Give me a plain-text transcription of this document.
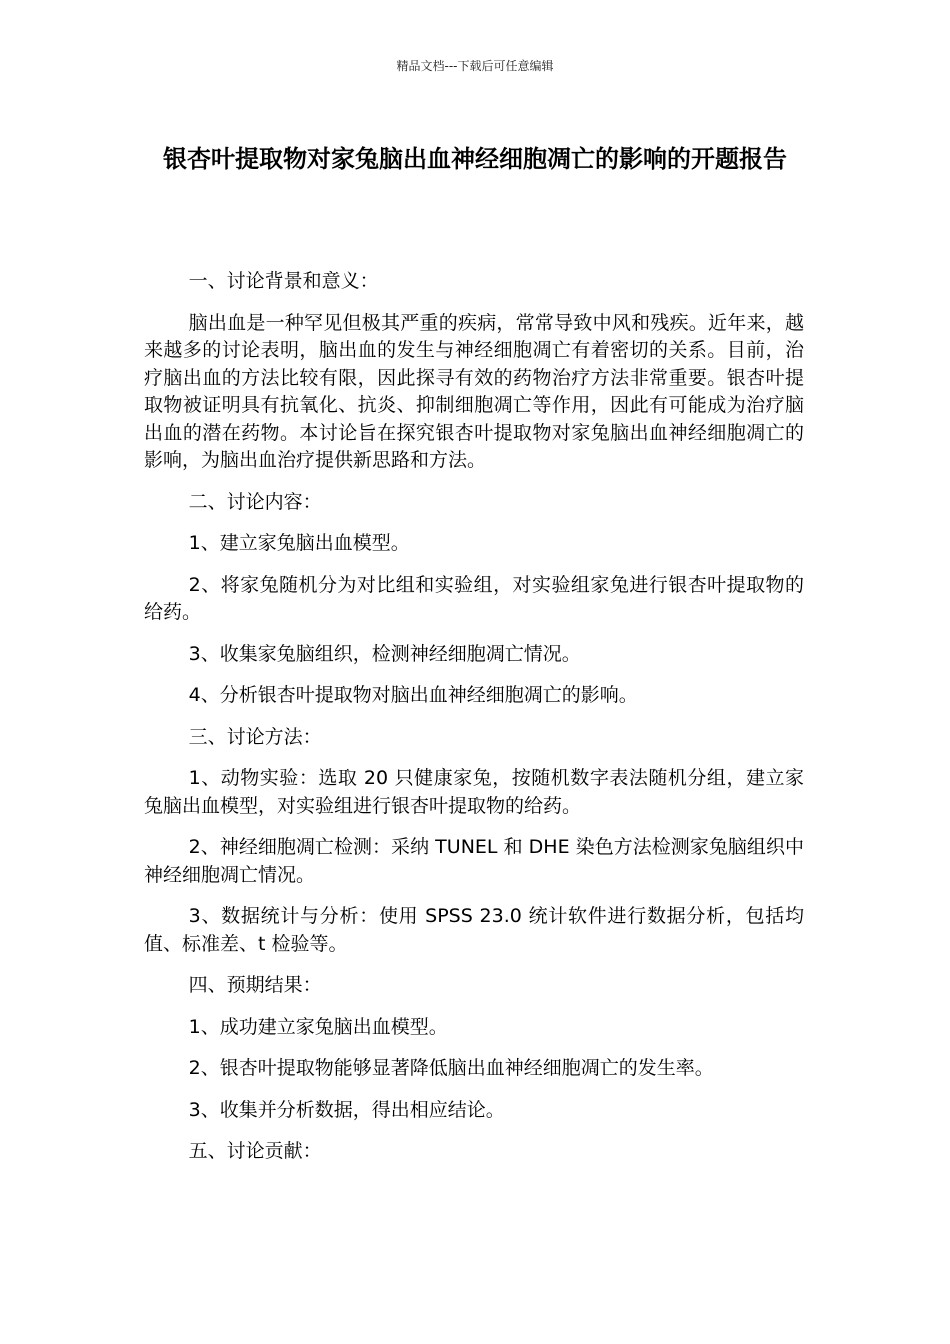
精品文档---下载后可任意编辑
银杏叶提取物对家兔脑出血神经细胞凋亡的影响的开题报告

一、讨论背景和意义：

脑出血是一种罕见但极其严重的疾病，常常导致中风和残疾。近年来，越来越多的讨论表明，脑出血的发生与神经细胞凋亡有着密切的关系。目前，治疗脑出血的方法比较有限，因此探寻有效的药物治疗方法非常重要。银杏叶提取物被证明具有抗氧化、抗炎、抑制细胞凋亡等作用，因此有可能成为治疗脑出血的潜在药物。本讨论旨在探究银杏叶提取物对家兔脑出血神经细胞凋亡的影响，为脑出血治疗提供新思路和方法。

二、讨论内容：

1、建立家兔脑出血模型。

2、将家兔随机分为对比组和实验组，对实验组家兔进行银杏叶提取物的给药。

3、收集家兔脑组织，检测神经细胞凋亡情况。

4、分析银杏叶提取物对脑出血神经细胞凋亡的影响。

三、讨论方法：

1、动物实验：选取 20 只健康家兔，按随机数字表法随机分组，建立家兔脑出血模型，对实验组进行银杏叶提取物的给药。

2、神经细胞凋亡检测：采纳 TUNEL 和 DHE 染色方法检测家兔脑组织中神经细胞凋亡情况。

3、数据统计与分析：使用 SPSS 23.0 统计软件进行数据分析，包括均值、标准差、t 检验等。

四、预期结果：

1、成功建立家兔脑出血模型。

2、银杏叶提取物能够显著降低脑出血神经细胞凋亡的发生率。

3、收集并分析数据，得出相应结论。

五、讨论贡献：
